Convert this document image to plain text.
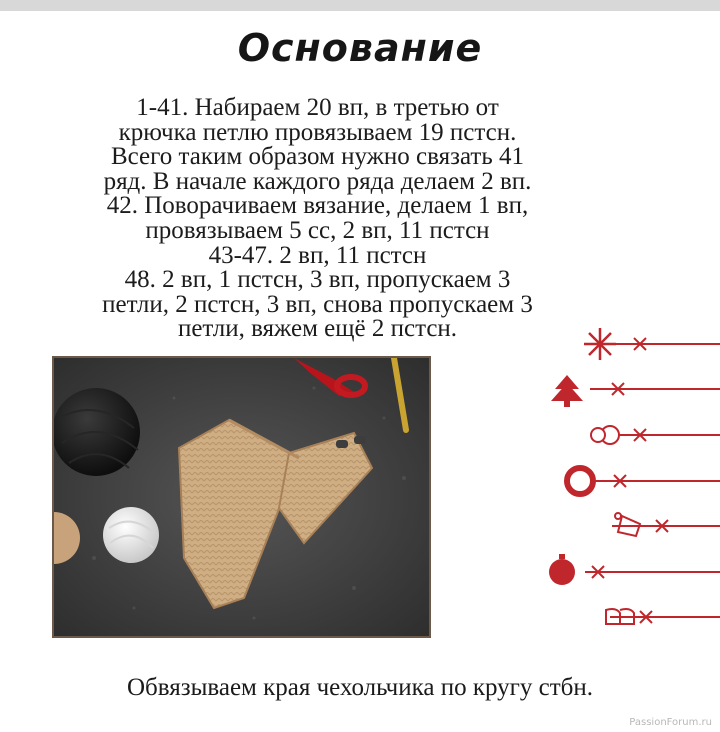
Основание
1-41. Набираем 20 вп, в третью от
крючка петлю провязываем 19 пстсн.
Всего таким образом нужно связать 41
ряд. В начале каждого ряда делаем 2 вп.
42. Поворачиваем вязание, делаем 1 вп,
провязываем 5 сс, 2 вп, 11 пстсн
43-47. 2 вп, 11 пстсн
48. 2 вп, 1 пстсн, 3 вп, пропускаем 3
петли, 2 пстсн, 3 вп, снова пропускаем 3
петли, вяжем ещё 2 пстсн.
Обвязываем края чехольчика по кругу стбн.
PassionForum.ru
